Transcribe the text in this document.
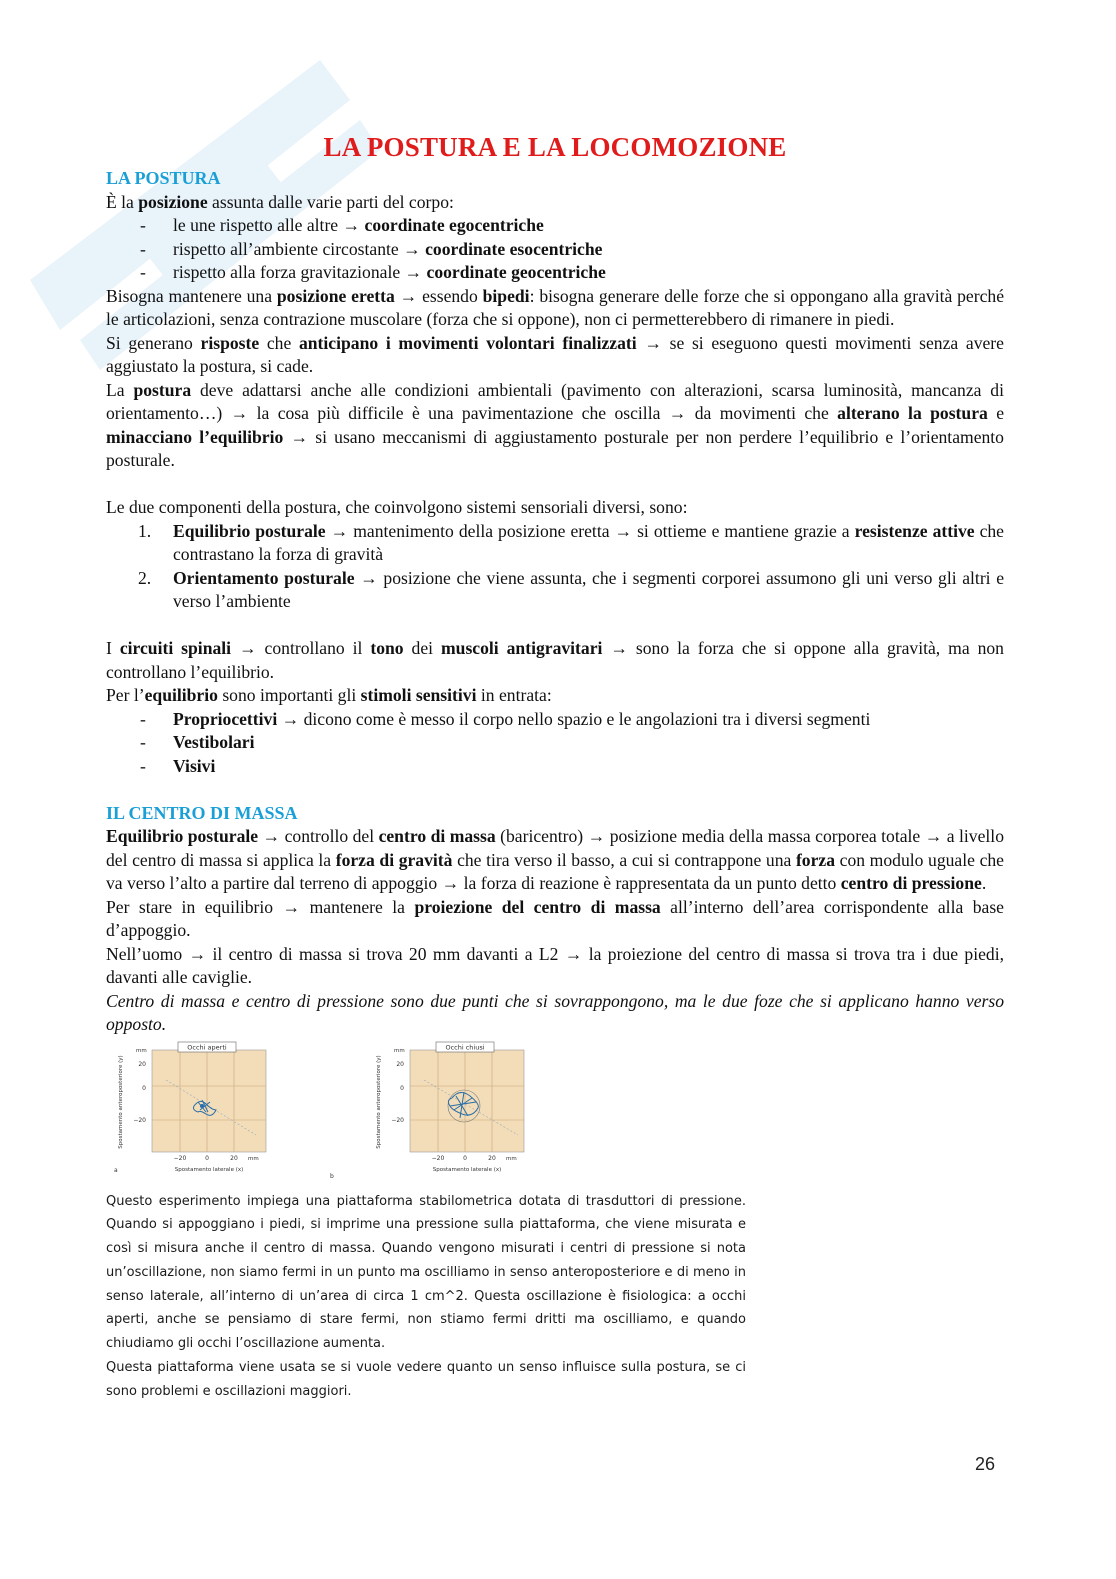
LA POSTURA E LA LOCOMOZIONE
LA POSTURA

È la posizione assunta dalle varie parti del corpo:

- le une rispetto alle altre → coordinate egocentriche
- rispetto all’ambiente circostante → coordinate esocentriche
- rispetto alla forza gravitazionale → coordinate geocentriche

Bisogna mantenere una posizione eretta → essendo bipedi: bisogna generare delle forze che si oppongano alla gravità perché le articolazioni, senza contrazione muscolare (forza che si oppone), non ci permetterebbero di rimanere in piedi.

Si generano risposte che anticipano i movimenti volontari finalizzati → se si eseguono questi movimenti senza avere aggiustato la postura, si cade.

La postura deve adattarsi anche alle condizioni ambientali (pavimento con alterazioni, scarsa luminosità, mancanza di orientamento…) → la cosa più difficile è una pavimentazione che oscilla → da movimenti che alterano la postura e minacciano l’equilibrio → si usano meccanismi di aggiustamento posturale per non perdere l’equilibrio e l’orientamento posturale.

Le due componenti della postura, che coinvolgono sistemi sensoriali diversi, sono:

1. Equilibrio posturale → mantenimento della posizione eretta → si ottieme e mantiene grazie a resistenze attive che contrastano la forza di gravità
2. Orientamento posturale → posizione che viene assunta, che i segmenti corporei assumono gli uni verso gli altri e verso l’ambiente

I circuiti spinali → controllano il tono dei muscoli antigravitari → sono la forza che si oppone alla gravità, ma non controllano l’equilibrio.

Per l’equilibrio sono importanti gli stimoli sensitivi in entrata:

- Propriocettivi → dicono come è messo il corpo nello spazio e le angolazioni tra i diversi segmenti
- Vestibolari
- Visivi
IL CENTRO DI MASSA

Equilibrio posturale → controllo del centro di massa (baricentro) → posizione media della massa corporea totale → a livello del centro di massa si applica la forza di gravità che tira verso il basso, a cui si contrappone una forza con modulo uguale che va verso l’alto a partire dal terreno di appoggio → la forza di reazione è rappresentata da un punto detto centro di pressione.

Per stare in equilibrio → mantenere la proiezione del centro di massa all’interno dell’area corrispondente alla base d’appoggio.

Nell’uomo → il centro di massa si trova 20 mm davanti a L2 → la proiezione del centro di massa si trova tra i due piedi, davanti alle caviglie.

Centro di massa e centro di pressione sono due punti che si sovrappongono, ma le due foze che si applicano hanno verso opposto.

Occhi aperti
mm
20
0
−20
−20	0	20 mm
Spostamento laterale (x)
Spostamento anteroposteriore (y)
a
Occhi chiusi
mm
20
0
−20
−20	0	20 mm
Spostamento laterale (x)
Spostamento anteroposteriore (y)
b

Questo esperimento impiega una piattaforma stabilometrica dotata di trasduttori di pressione. Quando si appoggiano i piedi, si imprime una pressione sulla piattaforma, che viene misurata e così si misura anche il centro di massa. Quando vengono misurati i centri di pressione si nota un’oscillazione, non siamo fermi in un punto ma oscilliamo in senso anteroposteriore e di meno in senso laterale, all’interno di un’area di circa 1 cm^2. Questa oscillazione è fisiologica: a occhi aperti, anche se pensiamo di stare fermi, non stiamo fermi dritti ma oscilliamo, e quando chiudiamo gli occhi l’oscillazione aumenta.

Questa piattaforma viene usata se si vuole vedere quanto un senso influisce sulla postura, se ci sono problemi e oscillazioni maggiori.

26
